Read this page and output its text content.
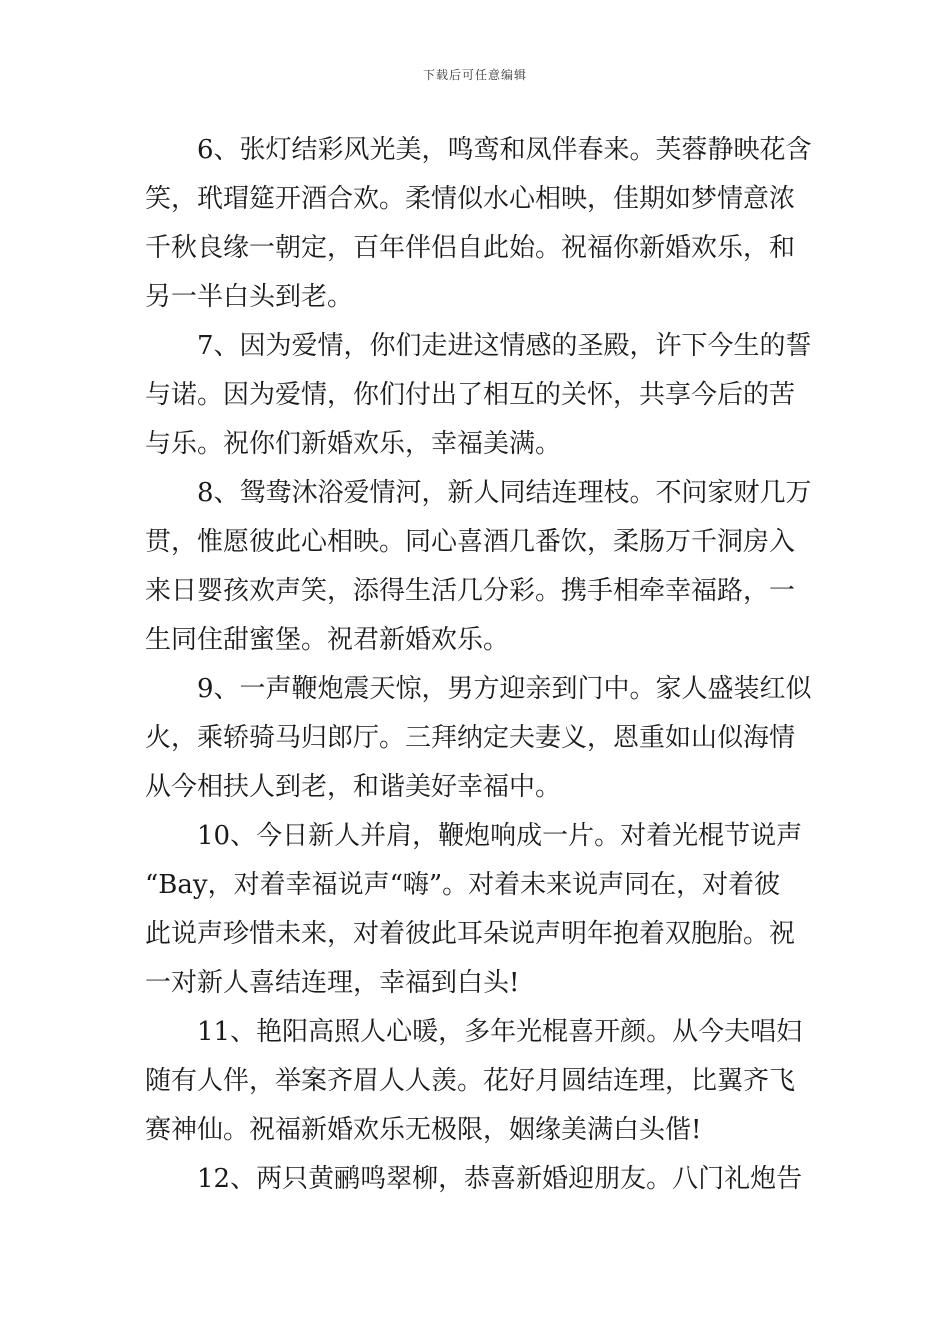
下载后可任意编辑
6、张灯结彩风光美，鸣鸾和凤伴春来。芙蓉静映花含
笑，玳瑁筵开酒合欢。柔情似水心相映，佳期如梦情意浓
千秋良缘一朝定，百年伴侣自此始。祝福你新婚欢乐，和
另一半白头到老。
7、因为爱情，你们走进这情感的圣殿，许下今生的誓
与诺。因为爱情，你们付出了相互的关怀，共享今后的苦
与乐。祝你们新婚欢乐，幸福美满。
8、鸳鸯沐浴爱情河，新人同结连理枝。不问家财几万
贯，惟愿彼此心相映。同心喜酒几番饮，柔肠万千洞房入
来日婴孩欢声笑，添得生活几分彩。携手相牵幸福路，一
生同住甜蜜堡。祝君新婚欢乐。
9、一声鞭炮震天惊，男方迎亲到门中。家人盛装红似
火，乘轿骑马归郎厅。三拜纳定夫妻义，恩重如山似海情
从今相扶人到老，和谐美好幸福中。
10、今日新人并肩，鞭炮响成一片。对着光棍节说声
“Bay，对着幸福说声“嗨”。对着未来说声同在，对着彼
此说声珍惜未来，对着彼此耳朵说声明年抱着双胞胎。祝
一对新人喜结连理，幸福到白头!
11、艳阳高照人心暖，多年光棍喜开颜。从今夫唱妇
随有人伴，举案齐眉人人羡。花好月圆结连理，比翼齐飞
赛神仙。祝福新婚欢乐无极限，姻缘美满白头偕!
12、两只黄鹂鸣翠柳，恭喜新婚迎朋友。八门礼炮告
